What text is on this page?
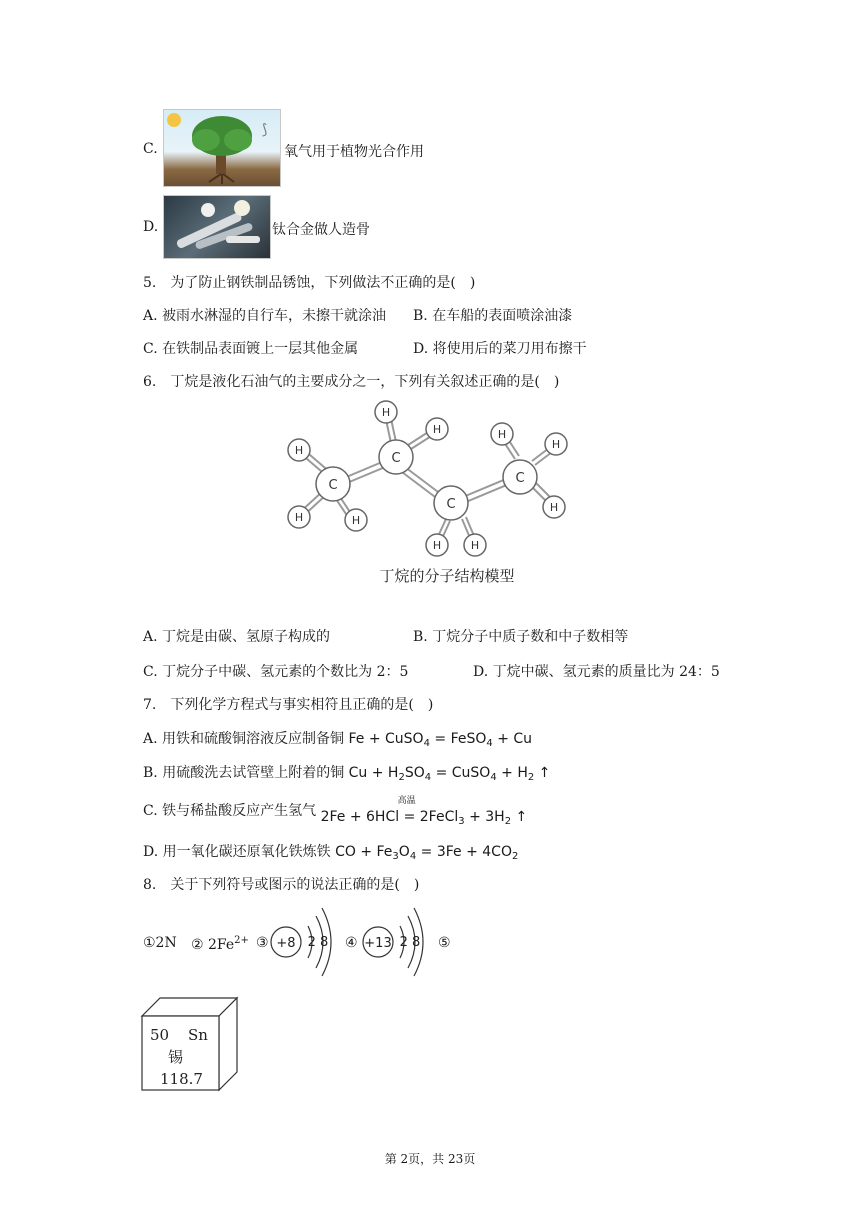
C.
⟆
氧气用于植物光合作用
D.	钛合金做人造骨
5.　为了防止钢铁制品锈蚀，下列做法不正确的是(　)
A. 被雨水淋湿的自行车，未擦干就涂油 B. 在车船的表面喷涂油漆
C. 在铁制品表面镀上一层其他金属	D. 将使用后的菜刀用布擦干
6.　丁烷是液化石油气的主要成分之一，下列有关叙述正确的是(　)
C
C
C
C
H
H	H
H
H
H	H
H
H
H
丁烷的分子结构模型
A. 丁烷是由碳、氢原子构成的	B. 丁烷分子中质子数和中子数相等
C. 丁烷分子中碳、氢元素的个数比为 2：5	D. 丁烷中碳、氢元素的质量比为 24：5
7.　下列化学方程式与事实相符且正确的是(　)
A. 用铁和硫酸铜溶液反应制备铜 Fe + CuSO$_4$ = FeSO$_4$ + Cu
B. 用硫酸洗去试管壁上附着的铜 $Cu + H_2SO_4$ = CuSO$_4$ + $H_2$ ↑
C. 铁与稀盐酸反应产生氢气 2Fe + 6HCl =
高温
2FeCl$_3$ + $3H_2$ ↑
D. 用一氧化碳还原氧化铁炼铁 CO + $Fe_3O_4 = 3Fe + 4CO_2$
8.　关于下列符号或图示的说法正确的是(　)
①2N ② $2Fe^{2+}$ ③ +8 2 8 ④ +13 2 8 ⑤
50 Sn
锡
118.7
第 2页，共 23页
